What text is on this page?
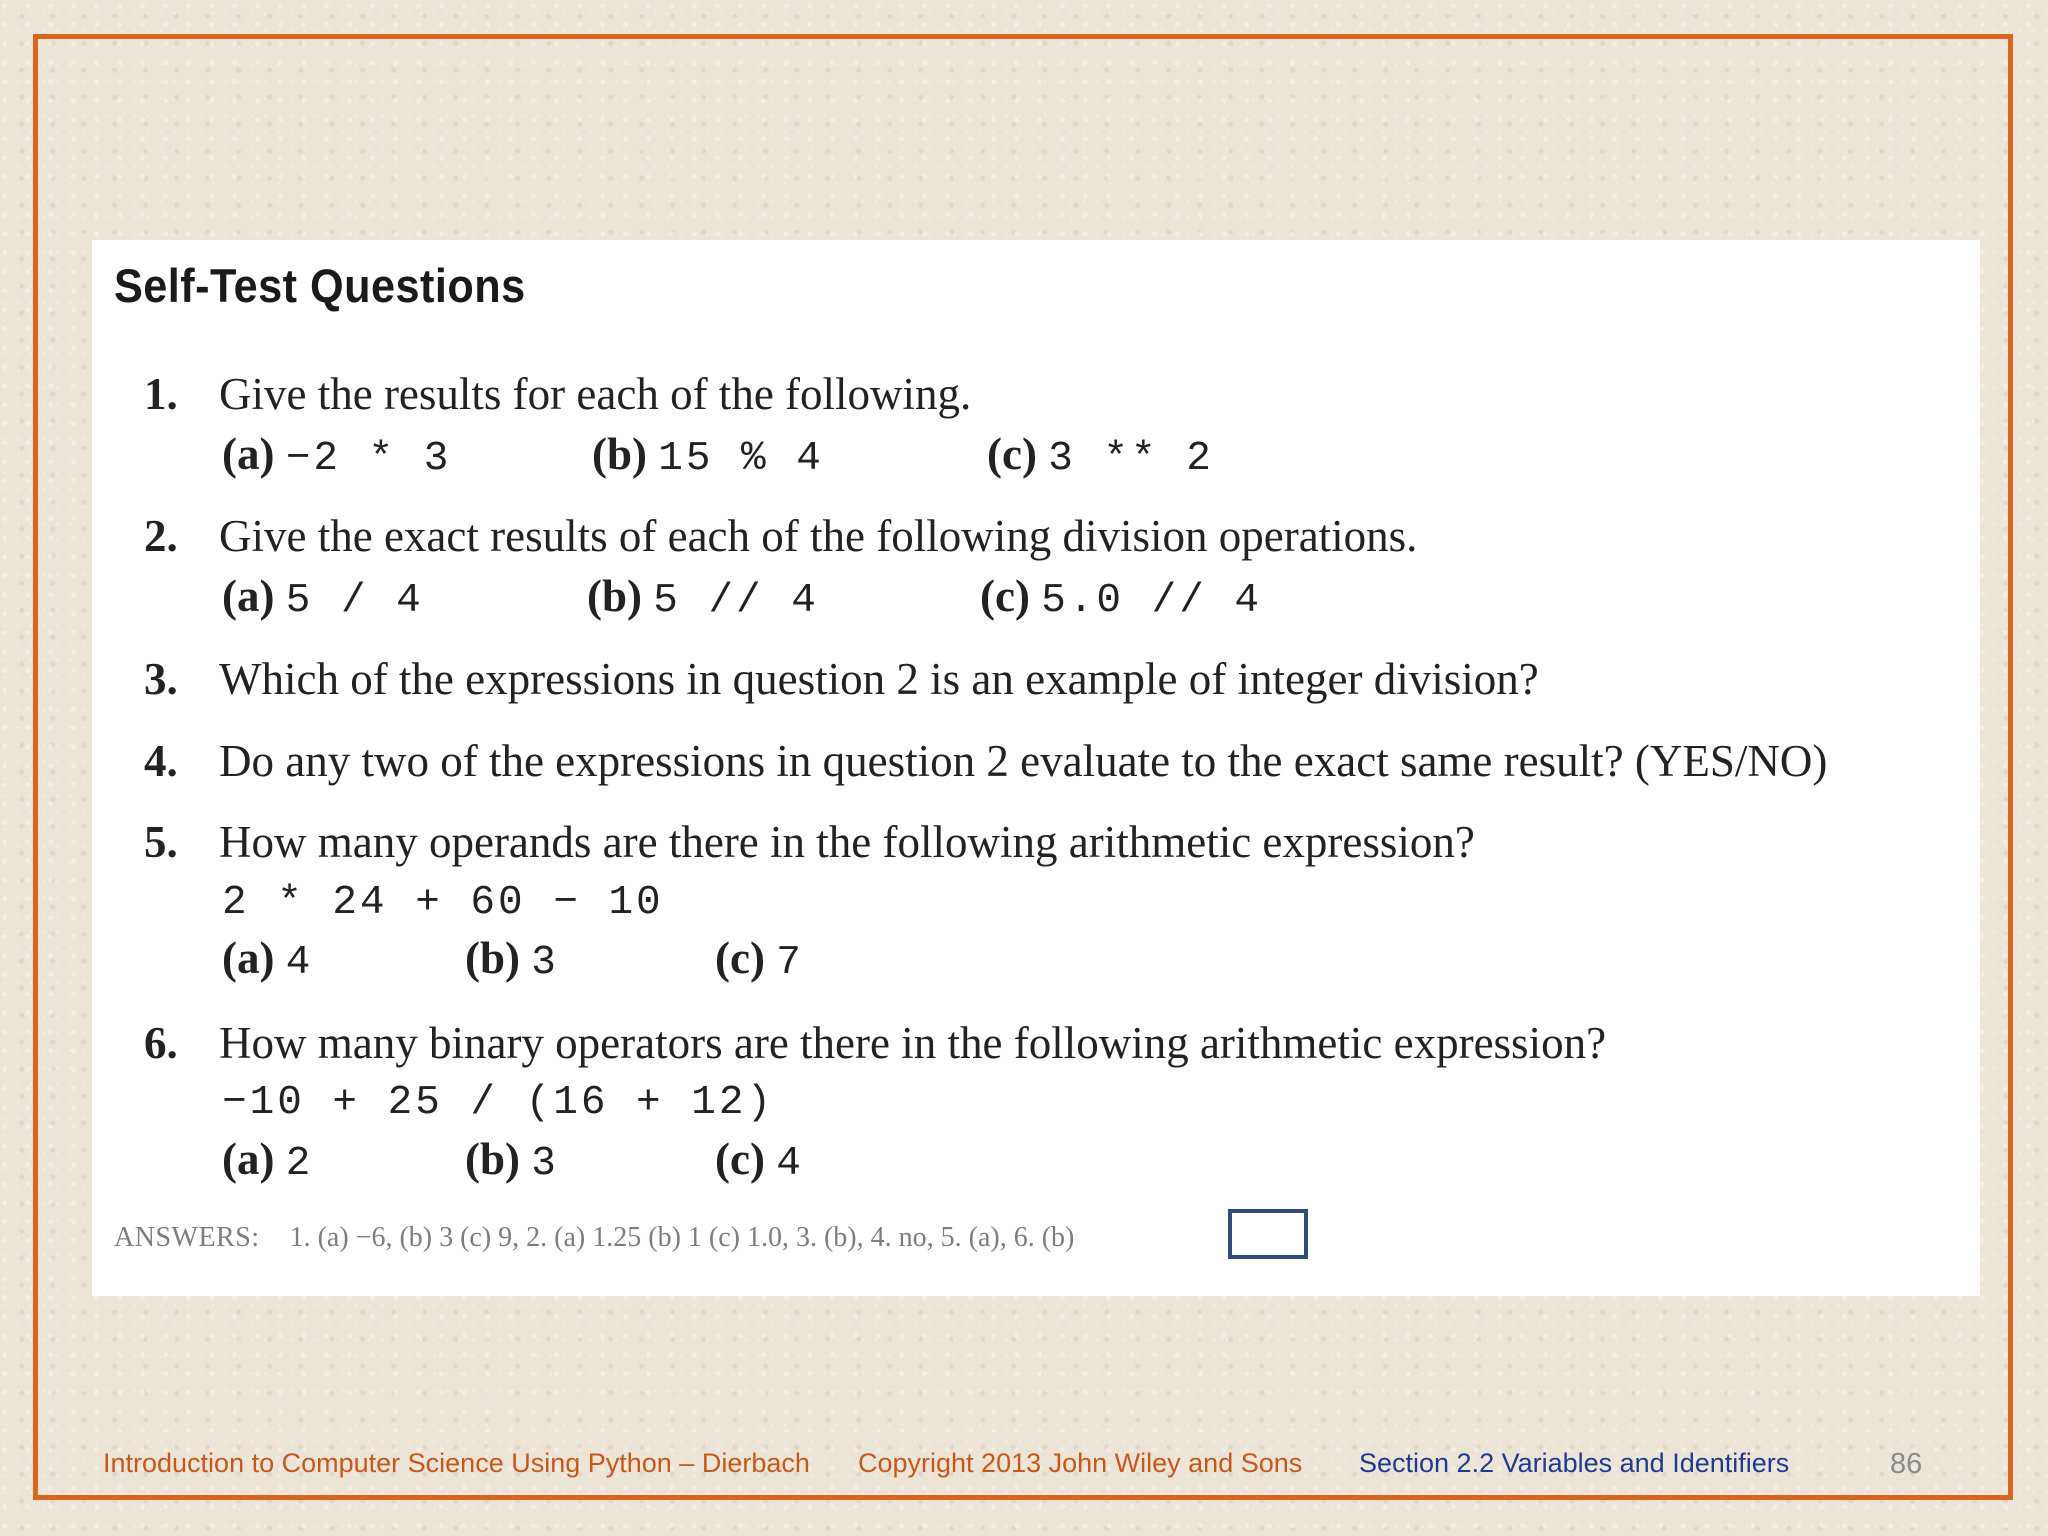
Self-Test Questions
1. Give the results for each of the following.
(a) −2 * 3	(b) 15 % 4	(c) 3 ** 2
2. Give the exact results of each of the following division operations.
(a) 5 / 4	(b) 5 // 4	(c) 5.0 // 4
3. Which of the expressions in question 2 is an example of integer division?
4. Do any two of the expressions in question 2 evaluate to the exact same result? (YES/NO)
5. How many operands are there in the following arithmetic expression?
2 * 24 + 60 − 10
(a) 4	(b) 3	(c) 7
6. How many binary operators are there in the following arithmetic expression?
−10 + 25 / (16 + 12)
(a) 2	(b) 3	(c) 4
ANSWERS: 1. (a) −6, (b) 3 (c) 9, 2. (a) 1.25 (b) 1 (c) 1.0, 3. (b), 4. no, 5. (a), 6. (b)
Introduction to Computer Science Using Python – Dierbach Copyright 2013 John Wiley and Sons Section 2.2 Variables and Identifiers	86
